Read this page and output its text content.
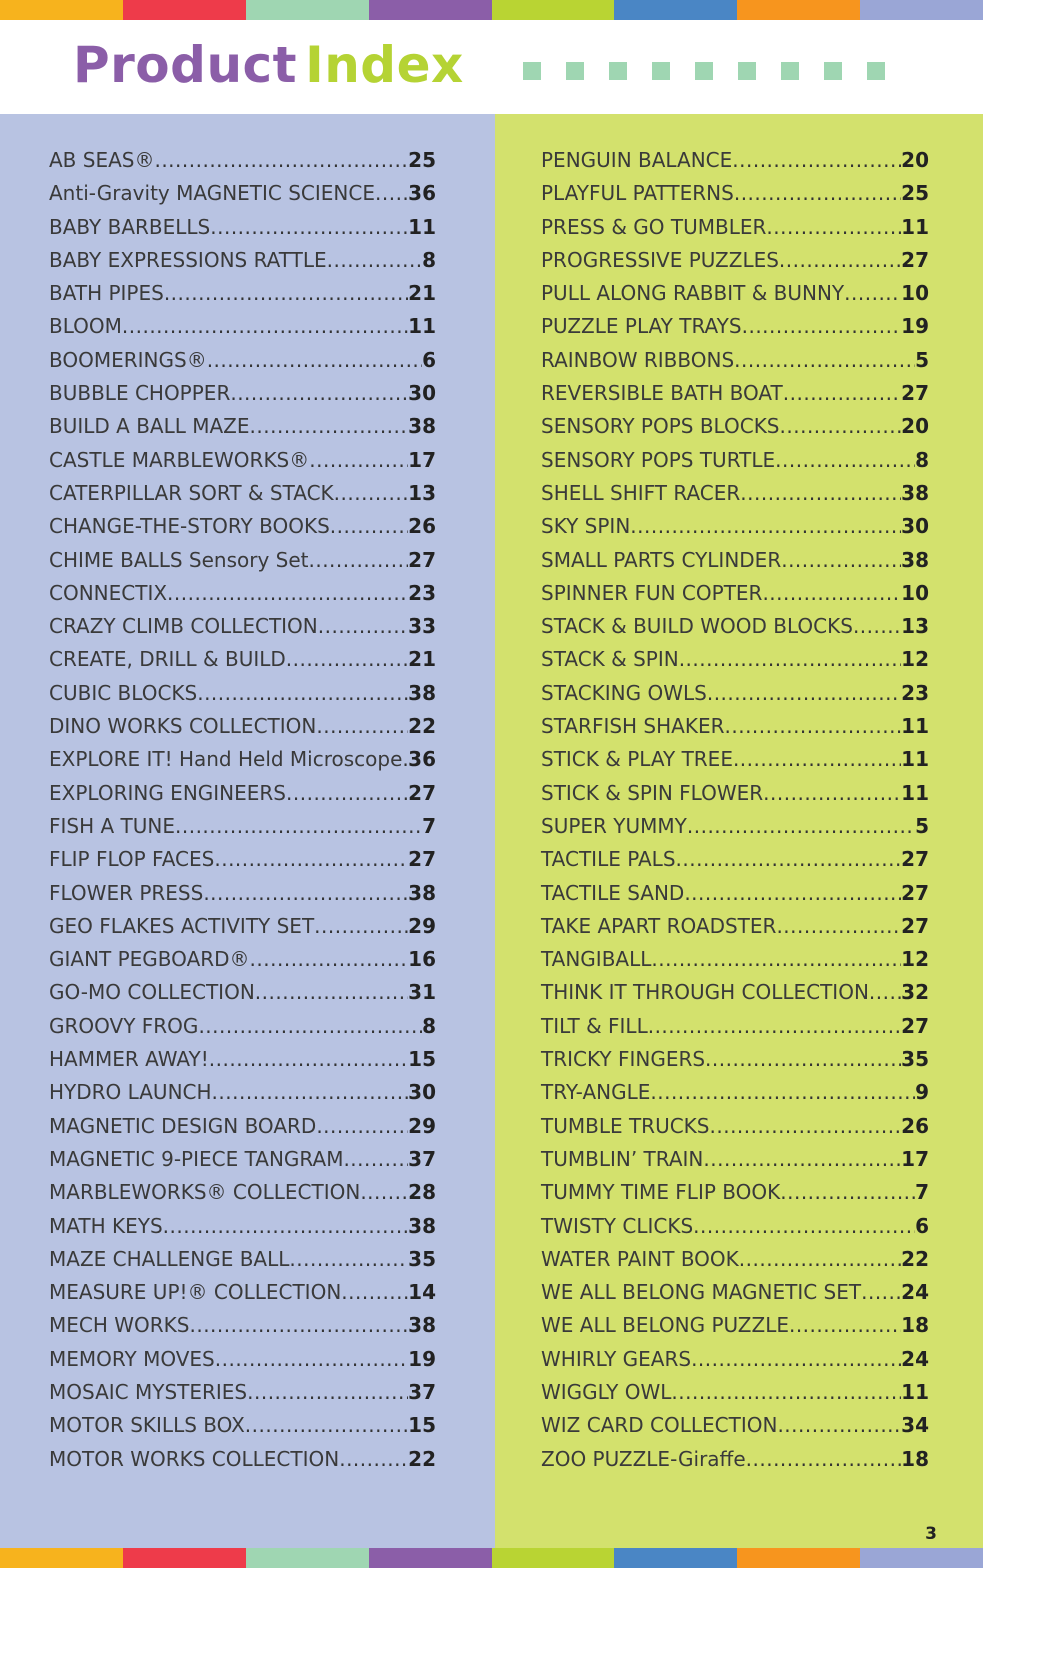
Product Index
AB SEAS® .....	25
Anti-Gravity MAGNETIC SCIENCE ..... 36
BABY BARBELLS .....	11
BABY EXPRESSIONS RATTLE .....	8
BATH PIPES .....	21
BLOOM .....	11
BOOMERINGS® .....	6
BUBBLE CHOPPER .....	30
BUILD A BALL MAZE .....	38
CASTLE MARBLEWORKS® .....	17
CATERPILLAR SORT & STACK .....	13
CHANGE-THE-STORY BOOKS .....	26
CHIME BALLS Sensory Set .....	27
CONNECTIX .....	23
CRAZY CLIMB COLLECTION .....	33
CREATE, DRILL & BUILD .....	21
CUBIC BLOCKS .....	38
DINO WORKS COLLECTION .....	22
EXPLORE IT! Hand Held Microscope ..... 36
EXPLORING ENGINEERS .....	27
FISH A TUNE .....	7
FLIP FLOP FACES .....	27
FLOWER PRESS .....	38
GEO FLAKES ACTIVITY SET .....	29
GIANT PEGBOARD® .....	16
GO-MO COLLECTION .....	31
GROOVY FROG .....	8
HAMMER AWAY! .....	15
HYDRO LAUNCH .....	30
MAGNETIC DESIGN BOARD .....	29
MAGNETIC 9-PIECE TANGRAM .....	37
MARBLEWORKS® COLLECTION ..... 28
MATH KEYS .....	38
MAZE CHALLENGE BALL .....	35
MEASURE UP!® COLLECTION .....	14
MECH WORKS .....	38
MEMORY MOVES .....	19
MOSAIC MYSTERIES .....	37
MOTOR SKILLS BOX .....	15
MOTOR WORKS COLLECTION .....	22
PENGUIN BALANCE .....	20
PLAYFUL PATTERNS .....	25
PRESS & GO TUMBLER .....	11
PROGRESSIVE PUZZLES .....	27
PULL ALONG RABBIT & BUNNY .....	10
PUZZLE PLAY TRAYS .....	19
RAINBOW RIBBONS .....	5
REVERSIBLE BATH BOAT .....	27
SENSORY POPS BLOCKS .....	20
SENSORY POPS TURTLE .....	8
SHELL SHIFT RACER .....	38
SKY SPIN .....	30
SMALL PARTS CYLINDER .....	38
SPINNER FUN COPTER .....	10
STACK & BUILD WOOD BLOCKS ..... 13
STACK & SPIN .....	12
STACKING OWLS .....	23
STARFISH SHAKER .....	11
STICK & PLAY TREE .....	11
STICK & SPIN FLOWER .....	11
SUPER YUMMY .....	5
TACTILE PALS .....	27
TACTILE SAND .....	27
TAKE APART ROADSTER .....	27
TANGIBALL .....	12
THINK IT THROUGH COLLECTION ..... 32
TILT & FILL .....	27
TRICKY FINGERS .....	35
TRY-ANGLE .....	9
TUMBLE TRUCKS .....	26
TUMBLIN’ TRAIN .....	17
TUMMY TIME FLIP BOOK .....	7
TWISTY CLICKS .....	6
WATER PAINT BOOK .....	22
WE ALL BELONG MAGNETIC SET ..... 24
WE ALL BELONG PUZZLE .....	18
WHIRLY GEARS .....	24
WIGGLY OWL .....	11
WIZ CARD COLLECTION .....	34
ZOO PUZZLE-Giraffe .....	18
3
